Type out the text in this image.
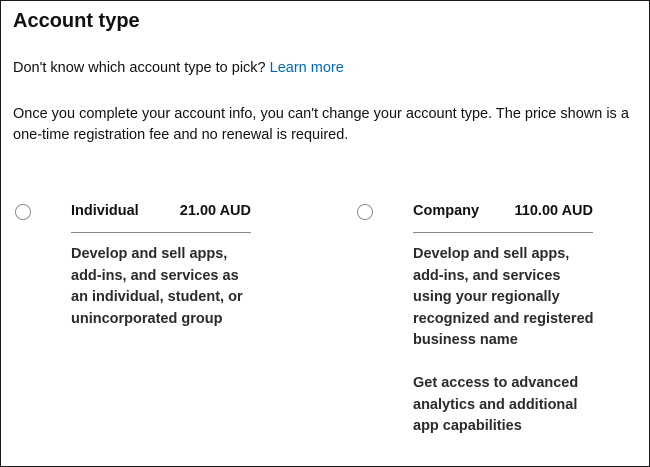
Account type
Don't know which account type to pick? Learn more
Once you complete your account info, you can't change your account type. The price shown is a one-time registration fee and no renewal is required.
Individual	21.00 AUD

Develop and sell apps, add-ins, and services as an individual, student, or unincorporated group

Company 110.00 AUD

Develop and sell apps, add-ins, and services using your regionally recognized and registered business name

Get access to advanced analytics and additional app capabilities
